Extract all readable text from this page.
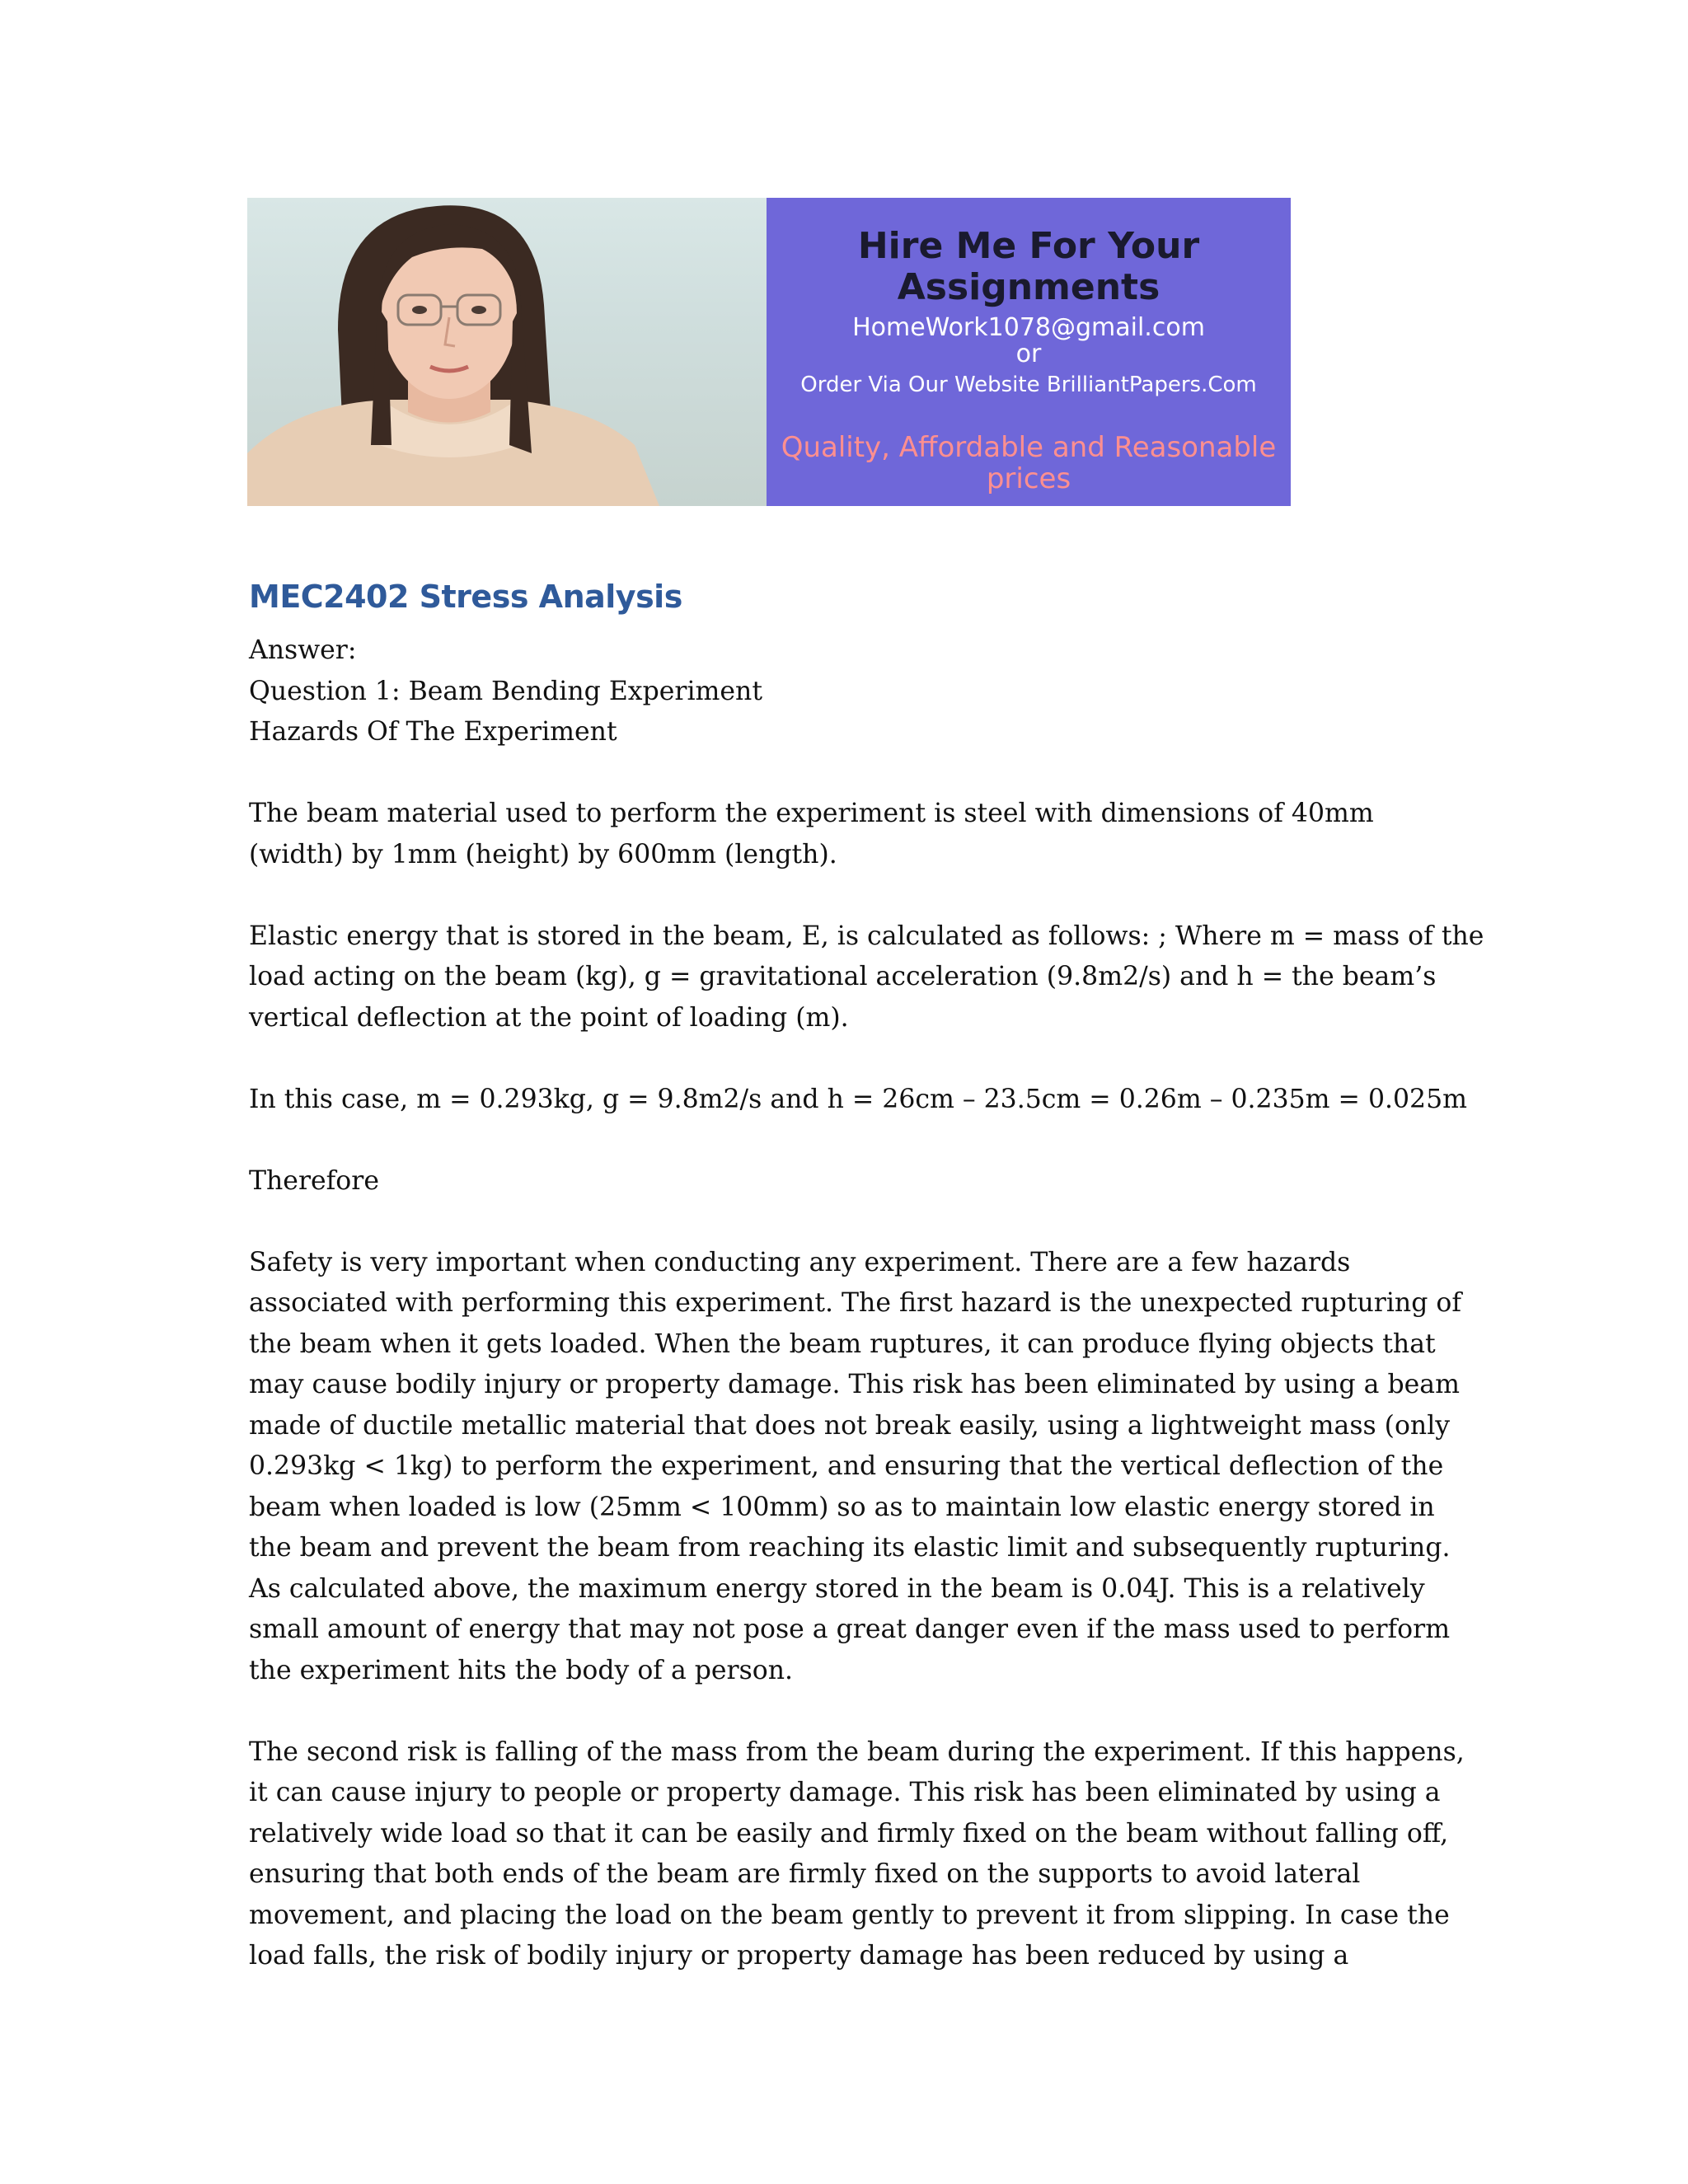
Hire Me For Your Assignments
HomeWork1078@gmail.com
or
Order Via Our Website BrilliantPapers.Com
Quality, Affordable and Reasonable prices
MEC2402 Stress Analysis

Answer:

Question 1: Beam Bending Experiment

Hazards Of The Experiment

The beam material used to perform the experiment is steel with dimensions of 40mm
(width) by 1mm (height) by 600mm (length).

Elastic energy that is stored in the beam, E, is calculated as follows: ; Where m = mass of the
load acting on the beam (kg), g = gravitational acceleration (9.8m2/s) and h = the beam’s
vertical deflection at the point of loading (m).

In this case, m = 0.293kg, g = 9.8m2/s and h = 26cm – 23.5cm = 0.26m – 0.235m = 0.025m

Therefore

Safety is very important when conducting any experiment. There are a few hazards
associated with performing this experiment. The first hazard is the unexpected rupturing of
the beam when it gets loaded. When the beam ruptures, it can produce flying objects that
may cause bodily injury or property damage. This risk has been eliminated by using a beam
made of ductile metallic material that does not break easily, using a lightweight mass (only
0.293kg < 1kg) to perform the experiment, and ensuring that the vertical deflection of the
beam when loaded is low (25mm < 100mm) so as to maintain low elastic energy stored in
the beam and prevent the beam from reaching its elastic limit and subsequently rupturing.
As calculated above, the maximum energy stored in the beam is 0.04J. This is a relatively
small amount of energy that may not pose a great danger even if the mass used to perform
the experiment hits the body of a person.

The second risk is falling of the mass from the beam during the experiment. If this happens,
it can cause injury to people or property damage. This risk has been eliminated by using a
relatively wide load so that it can be easily and firmly fixed on the beam without falling off,
ensuring that both ends of the beam are firmly fixed on the supports to avoid lateral
movement, and placing the load on the beam gently to prevent it from slipping. In case the
load falls, the risk of bodily injury or property damage has been reduced by using a
